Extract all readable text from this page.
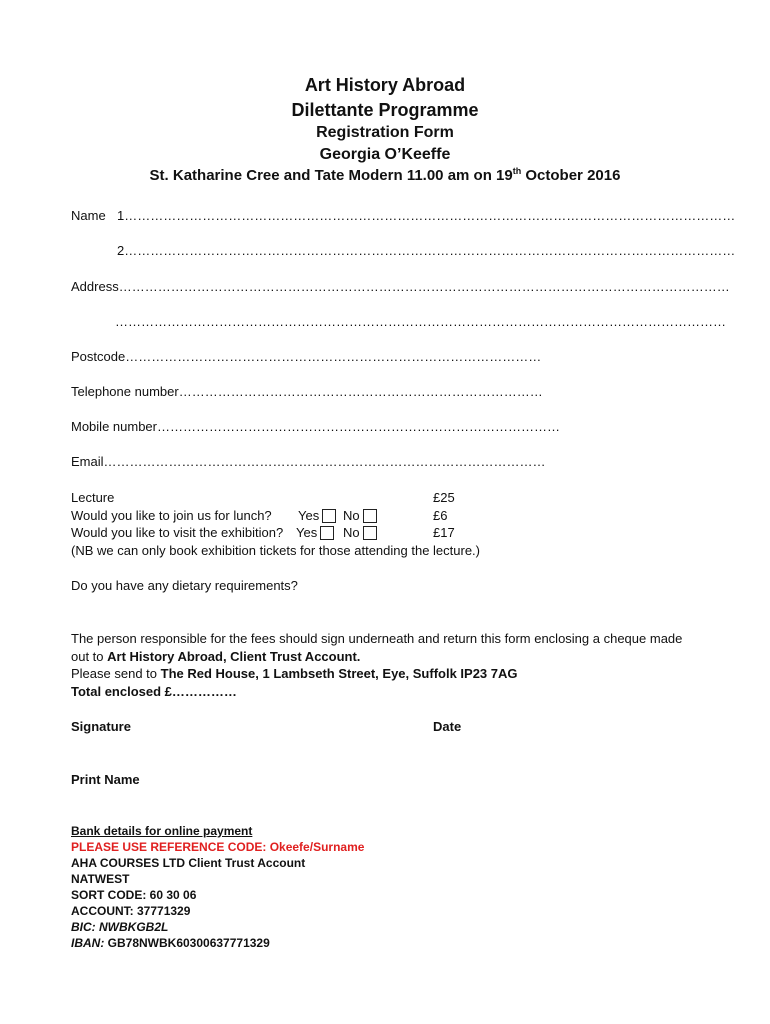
Art History Abroad
Dilettante Programme
Registration Form
Georgia O’Keeffe
St. Katharine Cree and Tate Modern 11.00 am on 19th October 2016
Name 1……………………………………………………………………………………………………………………………
2……………………………………………………………………………………………………………………………
Address……………………………………………………………………………………………………………………………
……………………………………………………………………………………………………………………………
Postcode……………………………………………………………………………………
Telephone number…………………………………………………………………………
Mobile number…………………………………………………………………………………
Email…………………………………………………………………………………………
Lecture	£25
Would you like to join us for lunch? Yes	No	£6
Would you like to visit the exhibition? Yes	No	£17
(NB we can only book exhibition tickets for those attending the lecture.)
Do you have any dietary requirements?
The person responsible for the fees should sign underneath and return this form enclosing a cheque made
out to Art History Abroad, Client Trust Account.
Please send to The Red House, 1 Lambseth Street, Eye, Suffolk IP23 7AG
Total enclosed £……………
Signature	Date
Print Name
Bank details for online payment
PLEASE USE REFERENCE CODE: Okeefe/Surname
AHA COURSES LTD Client Trust Account
NATWEST
SORT CODE: 60 30 06
ACCOUNT: 37771329
BIC: NWBKGB2L
IBAN: GB78NWBK60300637771329
